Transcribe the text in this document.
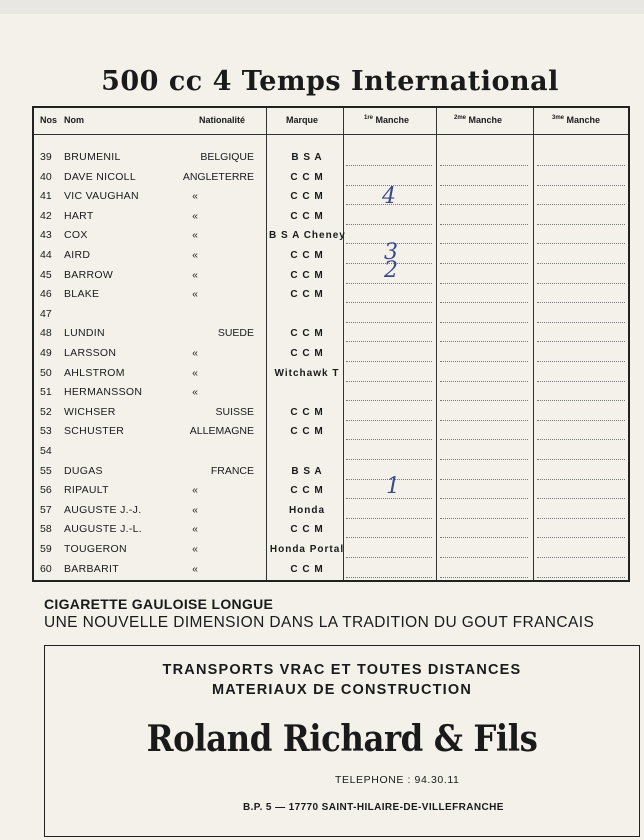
500 cc 4 Temps International
Nos Nom	Nationalité	Marque	$^{1re}$ Manche	$^{2me}$ Manche	$^{3me}$ Manche
39 BRUMENIL	BELGIQUE	B S A
40 DAVE NICOLL	ANGLETERRE	C C M
41 VIC VAUGHAN	«	C C M
42 HART	«	C C M
43 COX	«	B S A Cheney
44 AIRD	«	C C M
45 BARROW	«	C C M
46 BLAKE	«	C C M
47
48 LUNDIN	SUEDE	C C M
49 LARSSON	«	C C M
50 AHLSTROM	«	Witchawk T
51 HERMANSSON	«
52 WICHSER	SUISSE	C C M
53 SCHUSTER	ALLEMAGNE	C C M
54
55 DUGAS	FRANCE	B S A
56 RIPAULT	«	C C M
57 AUGUSTE J.-J.	«	Honda
58 AUGUSTE J.-L.	«	C C M
59 TOUGERON	«	Honda Portal
60 BARBARIT	«	C C M
4
3
2
1
CIGARETTE GAULOISE LONGUE
UNE NOUVELLE DIMENSION DANS LA TRADITION DU GOUT FRANCAIS
TRANSPORTS VRAC ET TOUTES DISTANCES
MATERIAUX DE CONSTRUCTION
Roland Richard & Fils
TELEPHONE : 94.30.11
B.P. 5 — 17770 SAINT-HILAIRE-DE-VILLEFRANCHE
